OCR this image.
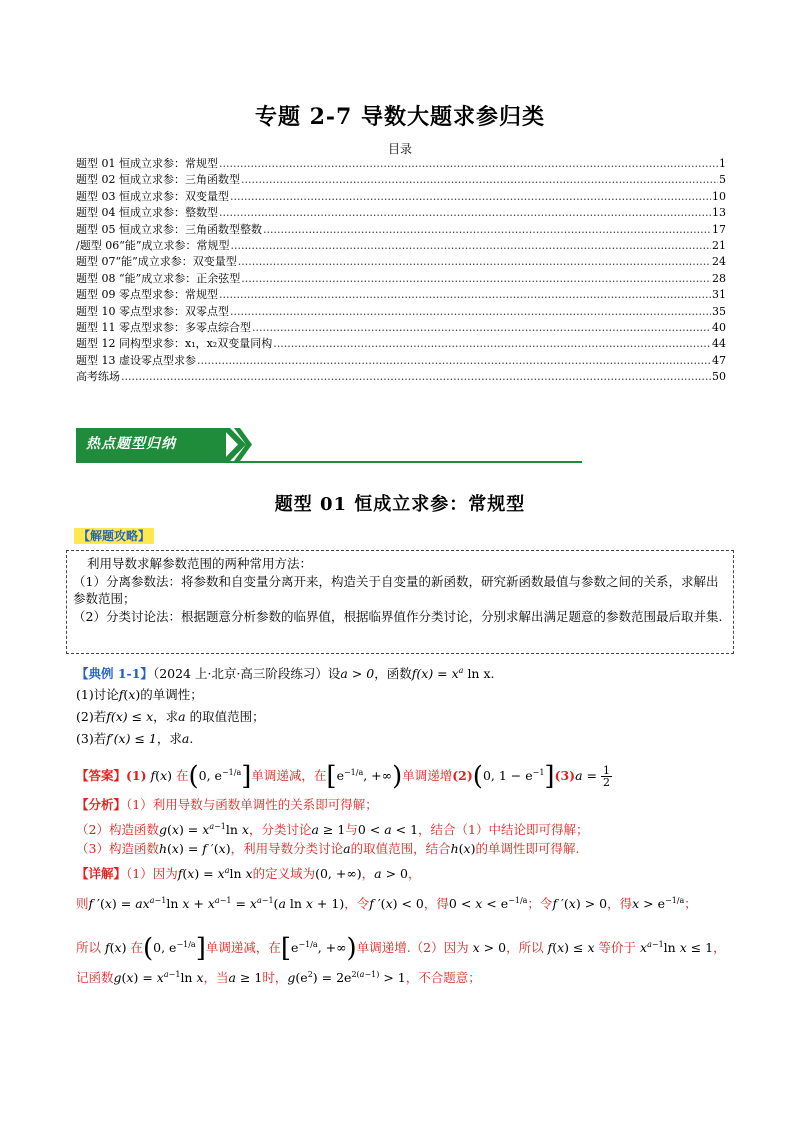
专题 2-7 导数大题求参归类
目录
题型 01 恒成立求参：常规型 .....	1
题型 02 恒成立求参：三角函数型 .....	5
题型 03 恒成立求参：双变量型 .....	10
题型 04 恒成立求参：整数型 .....	13
题型 05 恒成立求参：三角函数型整数 .....	17
/题型 06“能”成立求参：常规型 .....	21
题型 07“能”成立求参：双变量型 .....	24
题型 08 “能”成立求参：正余弦型 .....	28
题型 09 零点型求参：常规型 .....	31
题型 10 零点型求参：双零点型 .....	35
题型 11 零点型求参：多零点综合型 .....	40
题型 12 同构型求参：x₁，x₂双变量同构 .....	44
题型 13 虚设零点型求参 .....	47
高考练场 .....	50
热点题型归纳
题型 01 恒成立求参：常规型
【解题攻略】
利用导数求解参数范围的两种常用方法：
（1）分离参数法：将参数和自变量分离开来，构造关于自变量的新函数，研究新函数最值与参数之间的关系，求解出参数范围；
（2）分类讨论法：根据题意分析参数的临界值，根据临界值作分类讨论，分别求解出满足题意的参数范围最后取并集.
【典例 1-1】（2024 上·北京·高三阶段练习）设a > 0，函数$f(x) = x^a$ ln x.
(1)讨论f(x)的单调性；
(2)若f(x) ≤ x，求a 的取值范围；
(3)若f′(x) ≤ 1，求a.
【答案】(1) f(x) 在(0, $e^{-1/a}$]单调递减，在[$e^{-1/a}$, +∞)单调递增(2)(0, $1 - e^{-1}](3)a = \frac{1}{2}$
【分析】（1）利用导数与函数单调性的关系即可得解；
（2）构造函数$g(x) = x^{a-1}\ln$ x，分类讨论a ≥ 1与0 < a < 1，结合（1）中结论即可得解；
（3）构造函数h(x) = f ′(x)，利用导数分类讨论a的取值范围，结合h(x)的单调性即可得解.
【详解】（1）因为$f(x) = x^a\ln$ x的定义域为(0, +∞)，a > 0，
则f $'(x) = ax^{a-1}\ln$ $x + x^{a-1} = x^{a-1}(a$ ln x + 1)，令f ′(x) < 0，得$0 < x < e^{-1/a}$；令f ′(x) > 0，得$x > e^{-1/a}$；
所以 f(x) 在(0, $e^{-1/a}$]单调递减，在[$e^{-1/a}$, +∞)单调递增.（2）因为 x > 0，所以 f(x) ≤ x 等价于 $x^{a-1}\ln$ x ≤ 1，
记函数$g(x) = x^{a-1}\ln$ x，当a ≥ 1时，$g(e^2) = 2e^{2(a-1)} > 1$，不合题意；
